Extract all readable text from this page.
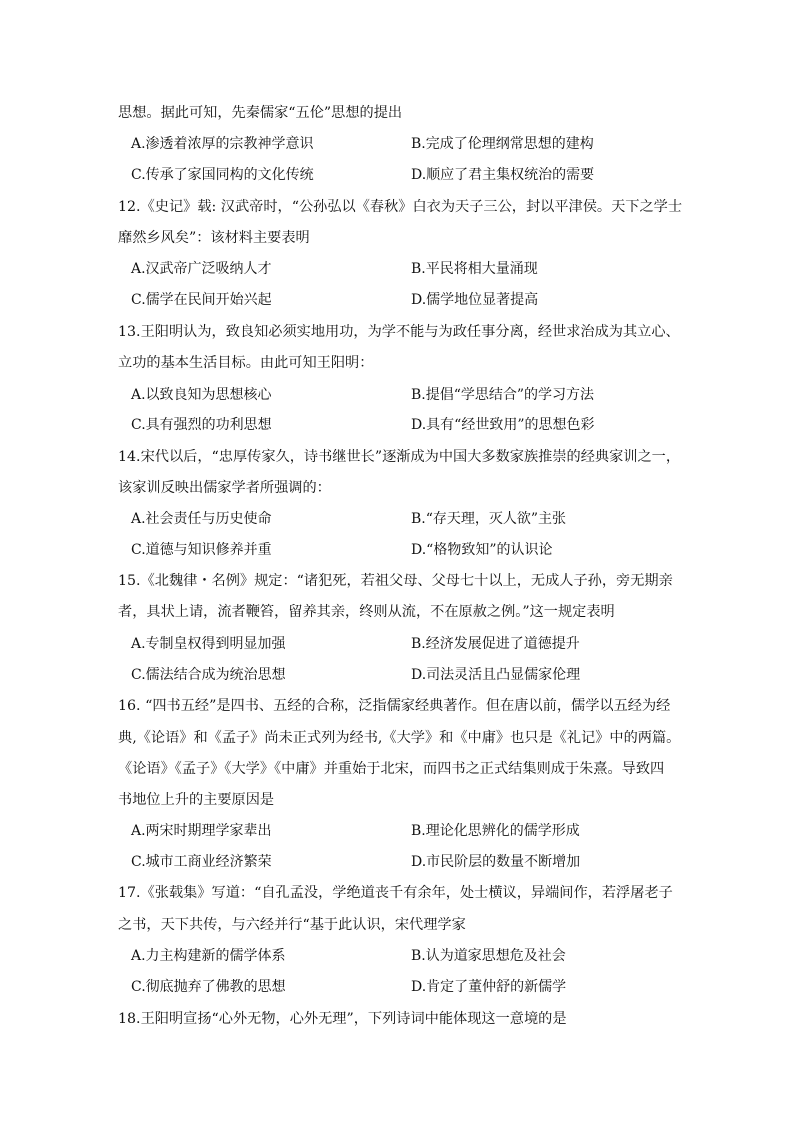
思想。据此可知，先秦儒家“五伦”思想的提出
A.渗透着浓厚的宗教神学意识	B.完成了伦理纲常思想的建构
C.传承了家国同构的文化传统	D.顺应了君主集权统治的需要
12.《史记》载: 汉武帝时，“公孙弘以《春秋》白衣为天子三公，封以平津侯。天下之学士
靡然乡风矣”：该材料主要表明
A.汉武帝广泛吸纳人才	B.平民将相大量涌现
C.儒学在民间开始兴起	D.儒学地位显著提高
13.王阳明认为，致良知必须实地用功，为学不能与为政任事分离，经世求治成为其立心、
立功的基本生活目标。由此可知王阳明：
A.以致良知为思想核心	B.提倡“学思结合”的学习方法
C.具有强烈的功利思想	D.具有“经世致用”的思想色彩
14.宋代以后，“忠厚传家久，诗书继世长”逐渐成为中国大多数家族推崇的经典家训之一，
该家训反映出儒家学者所强调的：
A.社会责任与历史使命	B.“存天理，灭人欲”主张
C.道德与知识修养并重	D.“格物致知”的认识论
15.《北魏律・名例》规定：“诸犯死，若祖父母、父母七十以上，无成人子孙，旁无期亲
者，具状上请，流者鞭笞，留养其亲，终则从流，不在原赦之例。”这一规定表明
A.专制皇权得到明显加强	B.经济发展促进了道德提升
C.儒法结合成为统治思想	D.司法灵活且凸显儒家伦理
16. “四书五经”是四书、五经的合称，泛指儒家经典著作。但在唐以前，儒学以五经为经
典,《论语》和《孟子》尚未正式列为经书,《大学》和《中庸》也只是《礼记》中的两篇。
《论语》《孟子》《大学》《中庸》并重始于北宋，而四书之正式结集则成于朱熹。导致四
书地位上升的主要原因是
A.两宋时期理学家辈出	B.理论化思辨化的儒学形成
C.城市工商业经济繁荣	D.市民阶层的数量不断增加
17.《张载集》写道：“自孔孟没，学绝道丧千有余年，处士横议，异端间作，若浮屠老子
之书，天下共传，与六经并行“基于此认识，宋代理学家
A.力主构建新的儒学体系	B.认为道家思想危及社会
C.彻底抛弃了佛教的思想	D.肯定了董仲舒的新儒学
18.王阳明宣扬“心外无物，心外无理”，下列诗词中能体现这一意境的是
